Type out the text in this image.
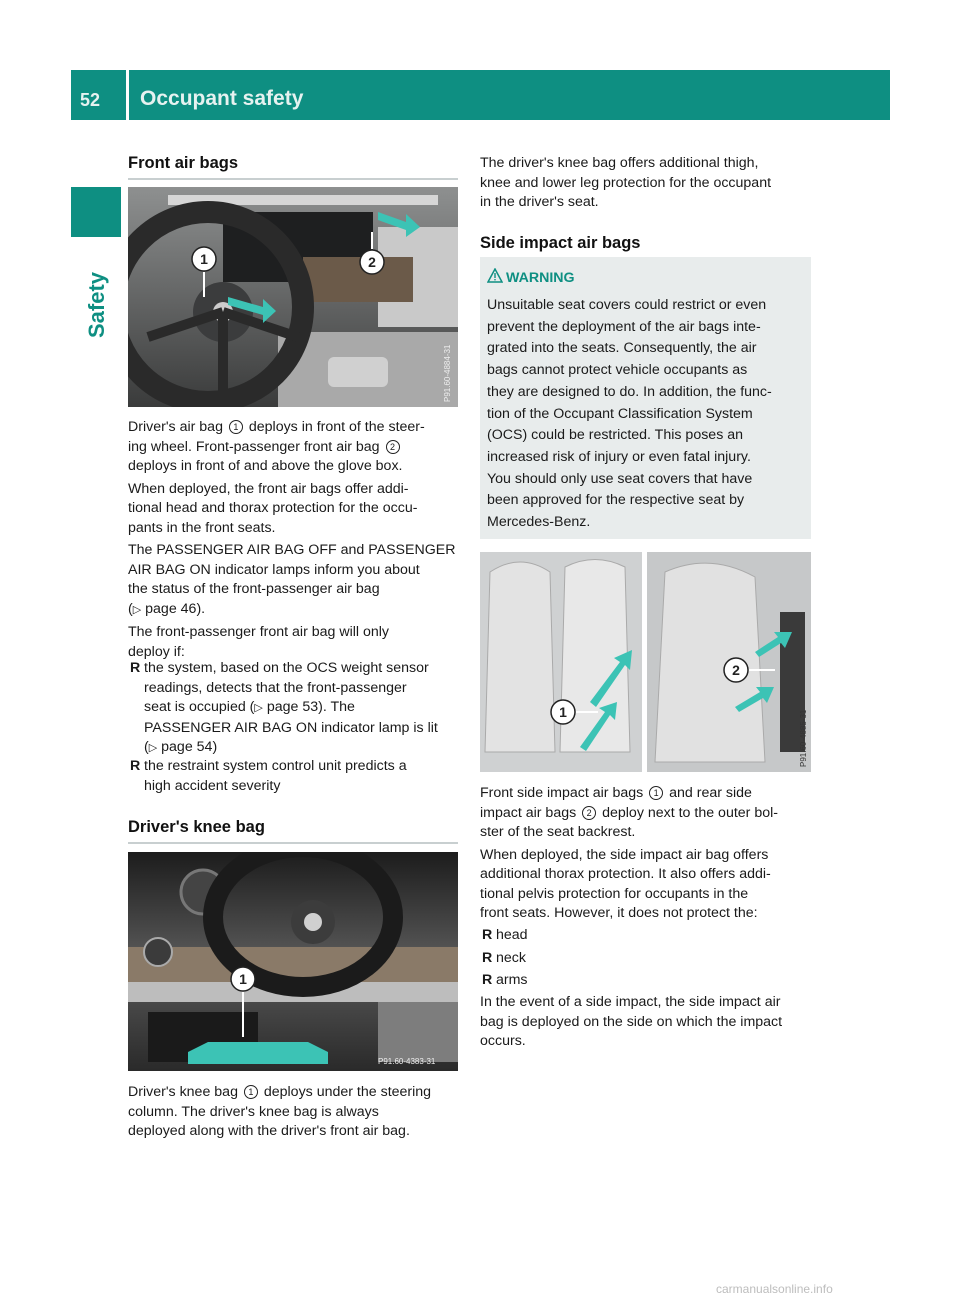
52 Occupant safety
Safety
Front air bags
1	2
P91.60-4884-31

Driver's air bag 1 deploys in front of the steer-
ing wheel. Front-passenger front air bag 2
deploys in front of and above the glove box.

When deployed, the front air bags offer addi-
tional head and thorax protection for the occu-
pants in the front seats.

The PASSENGER AIR BAG OFF and PASSENGER
AIR BAG ON indicator lamps inform you about
the status of the front-passenger air bag
(▷ page 46).

The front-passenger front air bag will only
deploy if:

R the system, based on the OCS weight sensor
readings, detects that the front-passenger
seat is occupied (▷ page 53). The
PASSENGER AIR BAG ON indicator lamp is lit
(▷ page 54)
R the restraint system control unit predicts a
high accident severity
Driver's knee bag
1
P91.60-4383-31

Driver's knee bag 1 deploys under the steering
column. The driver's knee bag is always
deployed along with the driver's front air bag.

The driver's knee bag offers additional thigh,
knee and lower leg protection for the occupant
in the driver's seat.

Side impact air bags
WARNING

Unsuitable seat covers could restrict or even
prevent the deployment of the air bags inte-
grated into the seats. Consequently, the air
bags cannot protect vehicle occupants as
they are designed to do. In addition, the func-
tion of the Occupant Classification System
(OCS) could be restricted. This poses an
increased risk of injury or even fatal injury.

You should only use seat covers that have
been approved for the respective seat by
Mercedes-Benz.

1
2
P91.60-4885-31

Front side impact air bags 1 and rear side
impact air bags 2 deploy next to the outer bol-
ster of the seat backrest.

When deployed, the side impact air bag offers
additional thorax protection. It also offers addi-
tional pelvis protection for occupants in the
front seats. However, it does not protect the:

R head
R neck
R arms

In the event of a side impact, the side impact air
bag is deployed on the side on which the impact
occurs.

carmanualsonline.info
